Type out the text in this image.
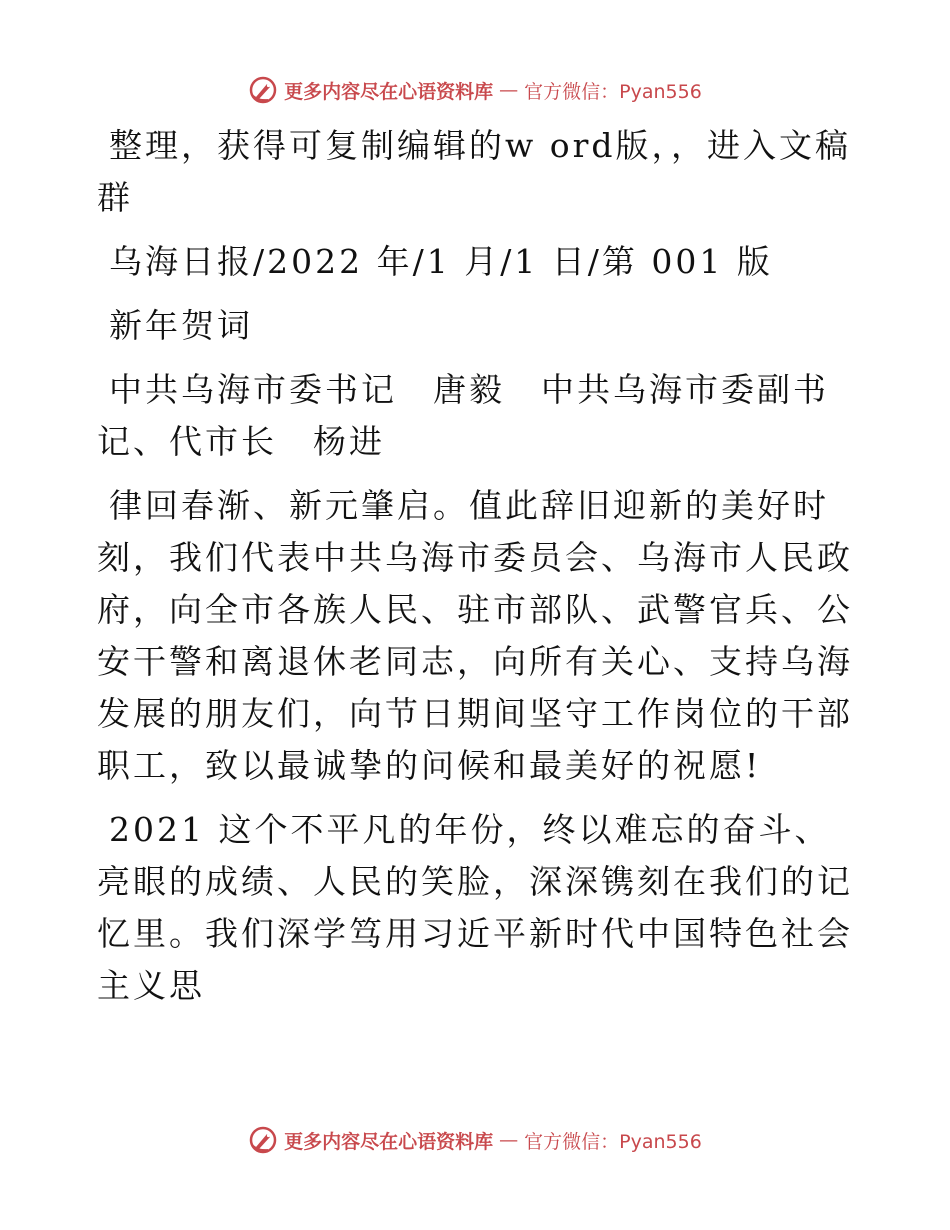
更多内容尽在心语资料库 — 官方微信：Pyan556

整理，获得可复制编辑的w ord版，，进入文稿群

乌海日报/2022 年/1 月/1 日/第 001 版

新年贺词

中共乌海市委书记　唐毅　中共乌海市委副书记、代市长　杨进

律回春渐、新元肇启。值此辞旧迎新的美好时刻，我们代表中共乌海市委员会、乌海市人民政府，向全市各族人民、驻市部队、武警官兵、公安干警和离退休老同志，向所有关心、支持乌海发展的朋友们，向节日期间坚守工作岗位的干部职工，致以最诚挚的问候和最美好的祝愿!

2021 这个不平凡的年份，终以难忘的奋斗、亮眼的成绩、人民的笑脸，深深镌刻在我们的记忆里。我们深学笃用习近平新时代中国特色社会主义思

更多内容尽在心语资料库 — 官方微信：Pyan556
